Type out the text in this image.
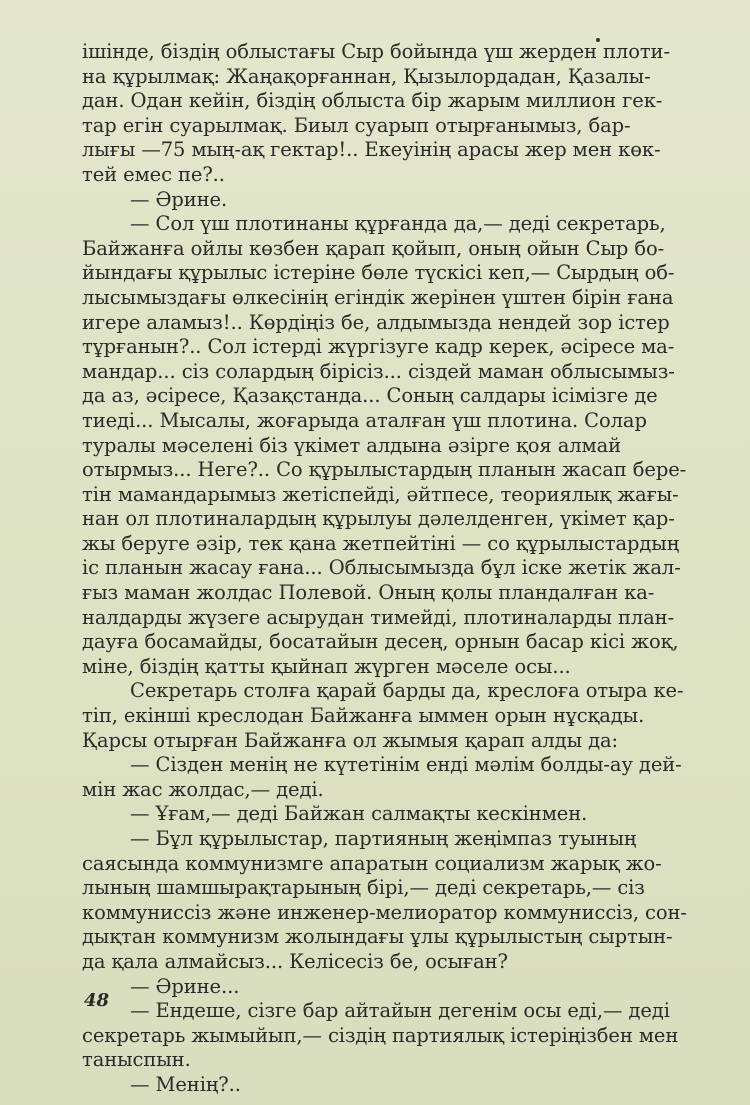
ішінде, біздің облыстағы Сыр бойында үш жерден плоти-
на құрылмақ: Жаңақорғаннан, Қызылордадан, Қазалы-
дан. Одан кейін, біздің облыста бір жарым миллион гек-
тар егін суарылмақ. Биыл суарып отырғанымыз, бар-
лығы —75 мың-ақ гектар!.. Екеуінің арасы жер мен көк-
тей емес пе?..
— Әрине.
— Сол үш плотинаны құрғанда да,— деді секретарь,
Байжанға ойлы көзбен қарап қойып, оның ойын Сыр бо-
йындағы құрылыс істеріне бөле түскісі кеп,— Сырдың об-
лысымыздағы өлкесінің егіндік жерінен үштен бірін ғана
игере аламыз!.. Көрдіңіз бе, алдымызда нендей зор істер
тұрғанын?.. Сол істерді жүргізуге кадр керек, әсіресе ма-
мандар... сіз солардың бірісіз... сіздей маман облысымыз-
да аз, әсіресе, Қазақстанда... Соның салдары ісімізге де
тиеді... Мысалы, жоғарыда аталған үш плотина. Солар
туралы мәселені біз үкімет алдына әзірге қоя алмай
отырмыз... Неге?.. Со құрылыстардың планын жасап бере-
тін мамандарымыз жетіспейді, әйтпесе, теориялық жағы-
нан ол плотиналардың құрылуы дәлелденген, үкімет қар-
жы беруге әзір, тек қана жетпейтіні — со құрылыстардың
іс планын жасау ғана... Облысымызда бұл іске жетік жал-
ғыз маман жолдас Полевой. Оның қолы пландалған ка-
налдарды жүзеге асырудан тимейді, плотиналарды план-
дауға босамайды, босатайын десең, орнын басар кісі жоқ,
міне, біздің қатты қыйнап жүрген мәселе осы...
Секретарь столға қарай барды да, креслоға отыра ке-
тіп, екінші креслодан Байжанға ыммен орын нұсқады.
Қарсы отырған Байжанға ол жымыя қарап алды да:
— Сізден менің не күтетінім енді мәлім болды-ау дей-
мін жас жолдас,— деді.
— Ұғам,— деді Байжан салмақты кескінмен.
— Бұл құрылыстар, партияның жеңімпаз туының
саясында коммунизмге апаратын социализм жарық жо-
лының шамшырақтарының бірі,— деді секретарь,— сіз
коммуниссіз және инженер-мелиоратор коммуниссіз, сон-
дықтан коммунизм жолындағы ұлы құрылыстың сыртын-
да қала алмайсыз... Келісесіз бе, осыған?
— Әрине...
— Ендеше, сізге бар айтайын дегенім осы еді,— деді
секретарь жымыйып,— сіздің партиялық істеріңізбен мен
таныспын.
— Менің?..
48
